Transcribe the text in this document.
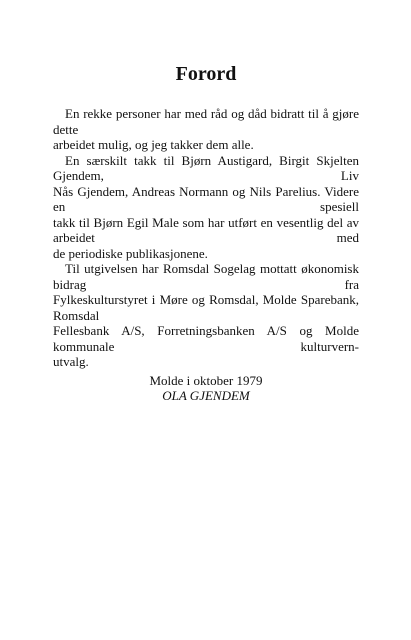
Forord

En rekke personer har med råd og dåd bidratt til å gjøre dette
arbeidet mulig, og jeg takker dem alle.

En særskilt takk til Bjørn Austigard, Birgit Skjelten Gjendem, Liv
Nås Gjendem, Andreas Normann og Nils Parelius. Videre en spesiell
takk til Bjørn Egil Male som har utført en vesentlig del av arbeidet med
de periodiske publikasjonene.

Til utgivelsen har Romsdal Sogelag mottatt økonomisk bidrag fra
Fylkeskulturstyret i Møre og Romsdal, Molde Sparebank, Romsdal
Fellesbank A/S, Forretningsbanken A/S og Molde kommunale kulturvern-
utvalg.

Molde i oktober 1979
OLA GJENDEM
